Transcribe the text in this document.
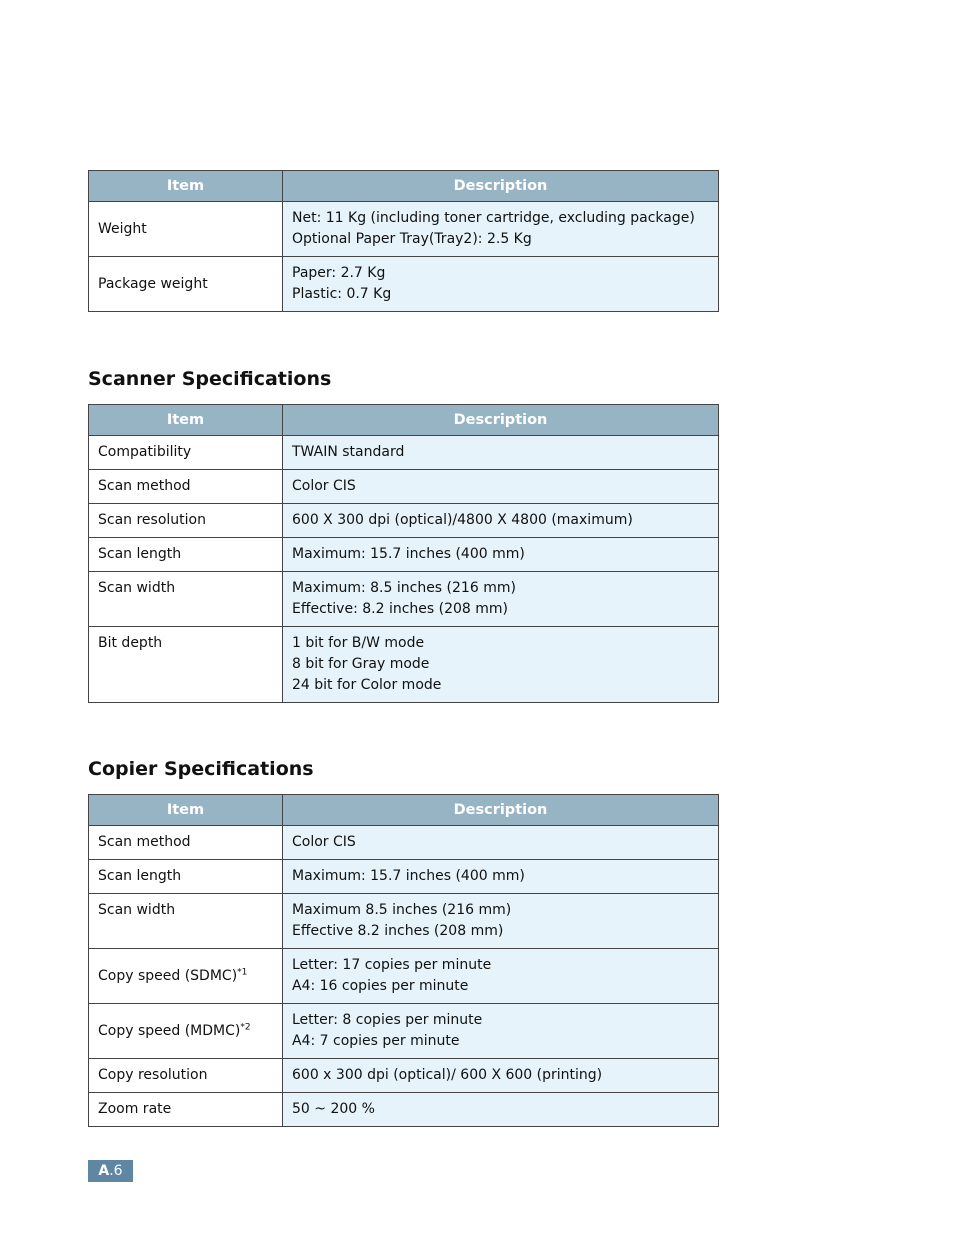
Item	Description
Weight	Net: 11 Kg (including toner cartridge, excluding package)
Optional Paper Tray(Tray2): 2.5 Kg

Package weight	Paper: 2.7 Kg
Plastic: 0.7 Kg
Scanner Specifications
Item	Description
Compatibility	TWAIN standard

Scan method	Color CIS

Scan resolution	600 X 300 dpi (optical)/4800 X 4800 (maximum)

Scan length	Maximum: 15.7 inches (400 mm)

Scan width	Maximum: 8.5 inches (216 mm)
Effective: 8.2 inches (208 mm)

Bit depth	1 bit for B/W mode
8 bit for Gray mode
24 bit for Color mode
Copier Specifications
Item	Description
Scan method	Color CIS

Scan length	Maximum: 15.7 inches (400 mm)

Scan width	Maximum 8.5 inches (216 mm)
Effective 8.2 inches (208 mm)

Copy speed (SDMC)$^{*1}$	Letter: 17 copies per minute
A4: 16 copies per minute

Copy speed (MDMC)$^{*2}$	Letter: 8 copies per minute
A4: 7 copies per minute

Copy resolution	600 x 300 dpi (optical)/ 600 X 600 (printing)

Zoom rate	50 ~ 200 %
A .6
